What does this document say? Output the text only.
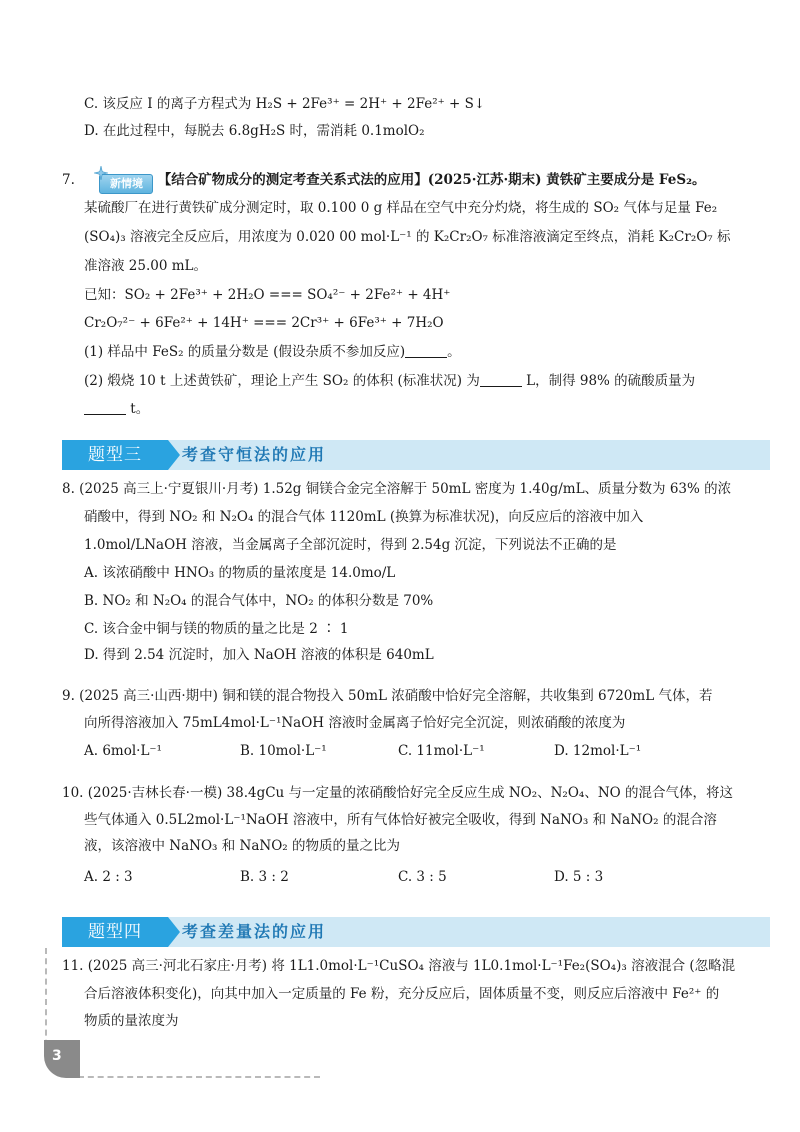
C. 该反应 I 的离子方程式为 H₂S + 2Fe³⁺ = 2H⁺ + 2Fe²⁺ + S↓
D. 在此过程中，每脱去 6.8gH₂S 时，需消耗 0.1molO₂
7.	新情境 【结合矿物成分的测定考查关系式法的应用】(2025·江苏·期末) 黄铁矿主要成分是 FeS₂。
某硫酸厂在进行黄铁矿成分测定时，取 0.100 0 g 样品在空气中充分灼烧，将生成的 SO₂ 气体与足量 Fe₂
(SO₄)₃ 溶液完全反应后，用浓度为 0.020 00 mol·L⁻¹ 的 K₂Cr₂O₇ 标准溶液滴定至终点，消耗 K₂Cr₂O₇ 标
准溶液 25.00 mL。
已知：SO₂ + 2Fe³⁺ + 2H₂O === SO₄²⁻ + 2Fe²⁺ + 4H⁺
Cr₂O₇²⁻ + 6Fe²⁺ + 14H⁺ === 2Cr³⁺ + 6Fe³⁺ + 7H₂O
(1) 样品中 FeS₂ 的质量分数是 (假设杂质不参加反应)	。
(2) 煅烧 10 t 上述黄铁矿，理论上产生 SO₂ 的体积 (标准状况) 为	L，制得 98% 的硫酸质量为
t。
题型三	考查守恒法的应用
8. (2025 高三上·宁夏银川·月考) 1.52g 铜镁合金完全溶解于 50mL 密度为 1.40g/mL、质量分数为 63% 的浓
硝酸中，得到 NO₂ 和 N₂O₄ 的混合气体 1120mL (换算为标准状况)，向反应后的溶液中加入
1.0mol/LNaOH 溶液，当金属离子全部沉淀时，得到 2.54g 沉淀，下列说法不正确的是
A. 该浓硝酸中 HNO₃ 的物质的量浓度是 14.0mo/L
B. NO₂ 和 N₂O₄ 的混合气体中，NO₂ 的体积分数是 70%
C. 该合金中铜与镁的物质的量之比是 2 ∶ 1
D. 得到 2.54 沉淀时，加入 NaOH 溶液的体积是 640mL
9. (2025 高三·山西·期中) 铜和镁的混合物投入 50mL 浓硝酸中恰好完全溶解，共收集到 6720mL 气体，若
向所得溶液加入 75mL4mol·L⁻¹NaOH 溶液时金属离子恰好完全沉淀，则浓硝酸的浓度为
A. 6mol·L⁻¹	B. 10mol·L⁻¹	C. 11mol·L⁻¹	D. 12mol·L⁻¹
10. (2025·吉林长春·一模) 38.4gCu 与一定量的浓硝酸恰好完全反应生成 NO₂、N₂O₄、NO 的混合气体，将这
些气体通入 0.5L2mol·L⁻¹NaOH 溶液中，所有气体恰好被完全吸收，得到 NaNO₃ 和 NaNO₂ 的混合溶
液，该溶液中 NaNO₃ 和 NaNO₂ 的物质的量之比为
A. 2 : 3	B. 3 : 2	C. 3 : 5	D. 5 : 3
题型四	考查差量法的应用
11. (2025 高三·河北石家庄·月考) 将 1L1.0mol·L⁻¹CuSO₄ 溶液与 1L0.1mol·L⁻¹Fe₂(SO₄)₃ 溶液混合 (忽略混
合后溶液体积变化)，向其中加入一定质量的 Fe 粉，充分反应后，固体质量不变，则反应后溶液中 Fe²⁺ 的
物质的量浓度为
3
